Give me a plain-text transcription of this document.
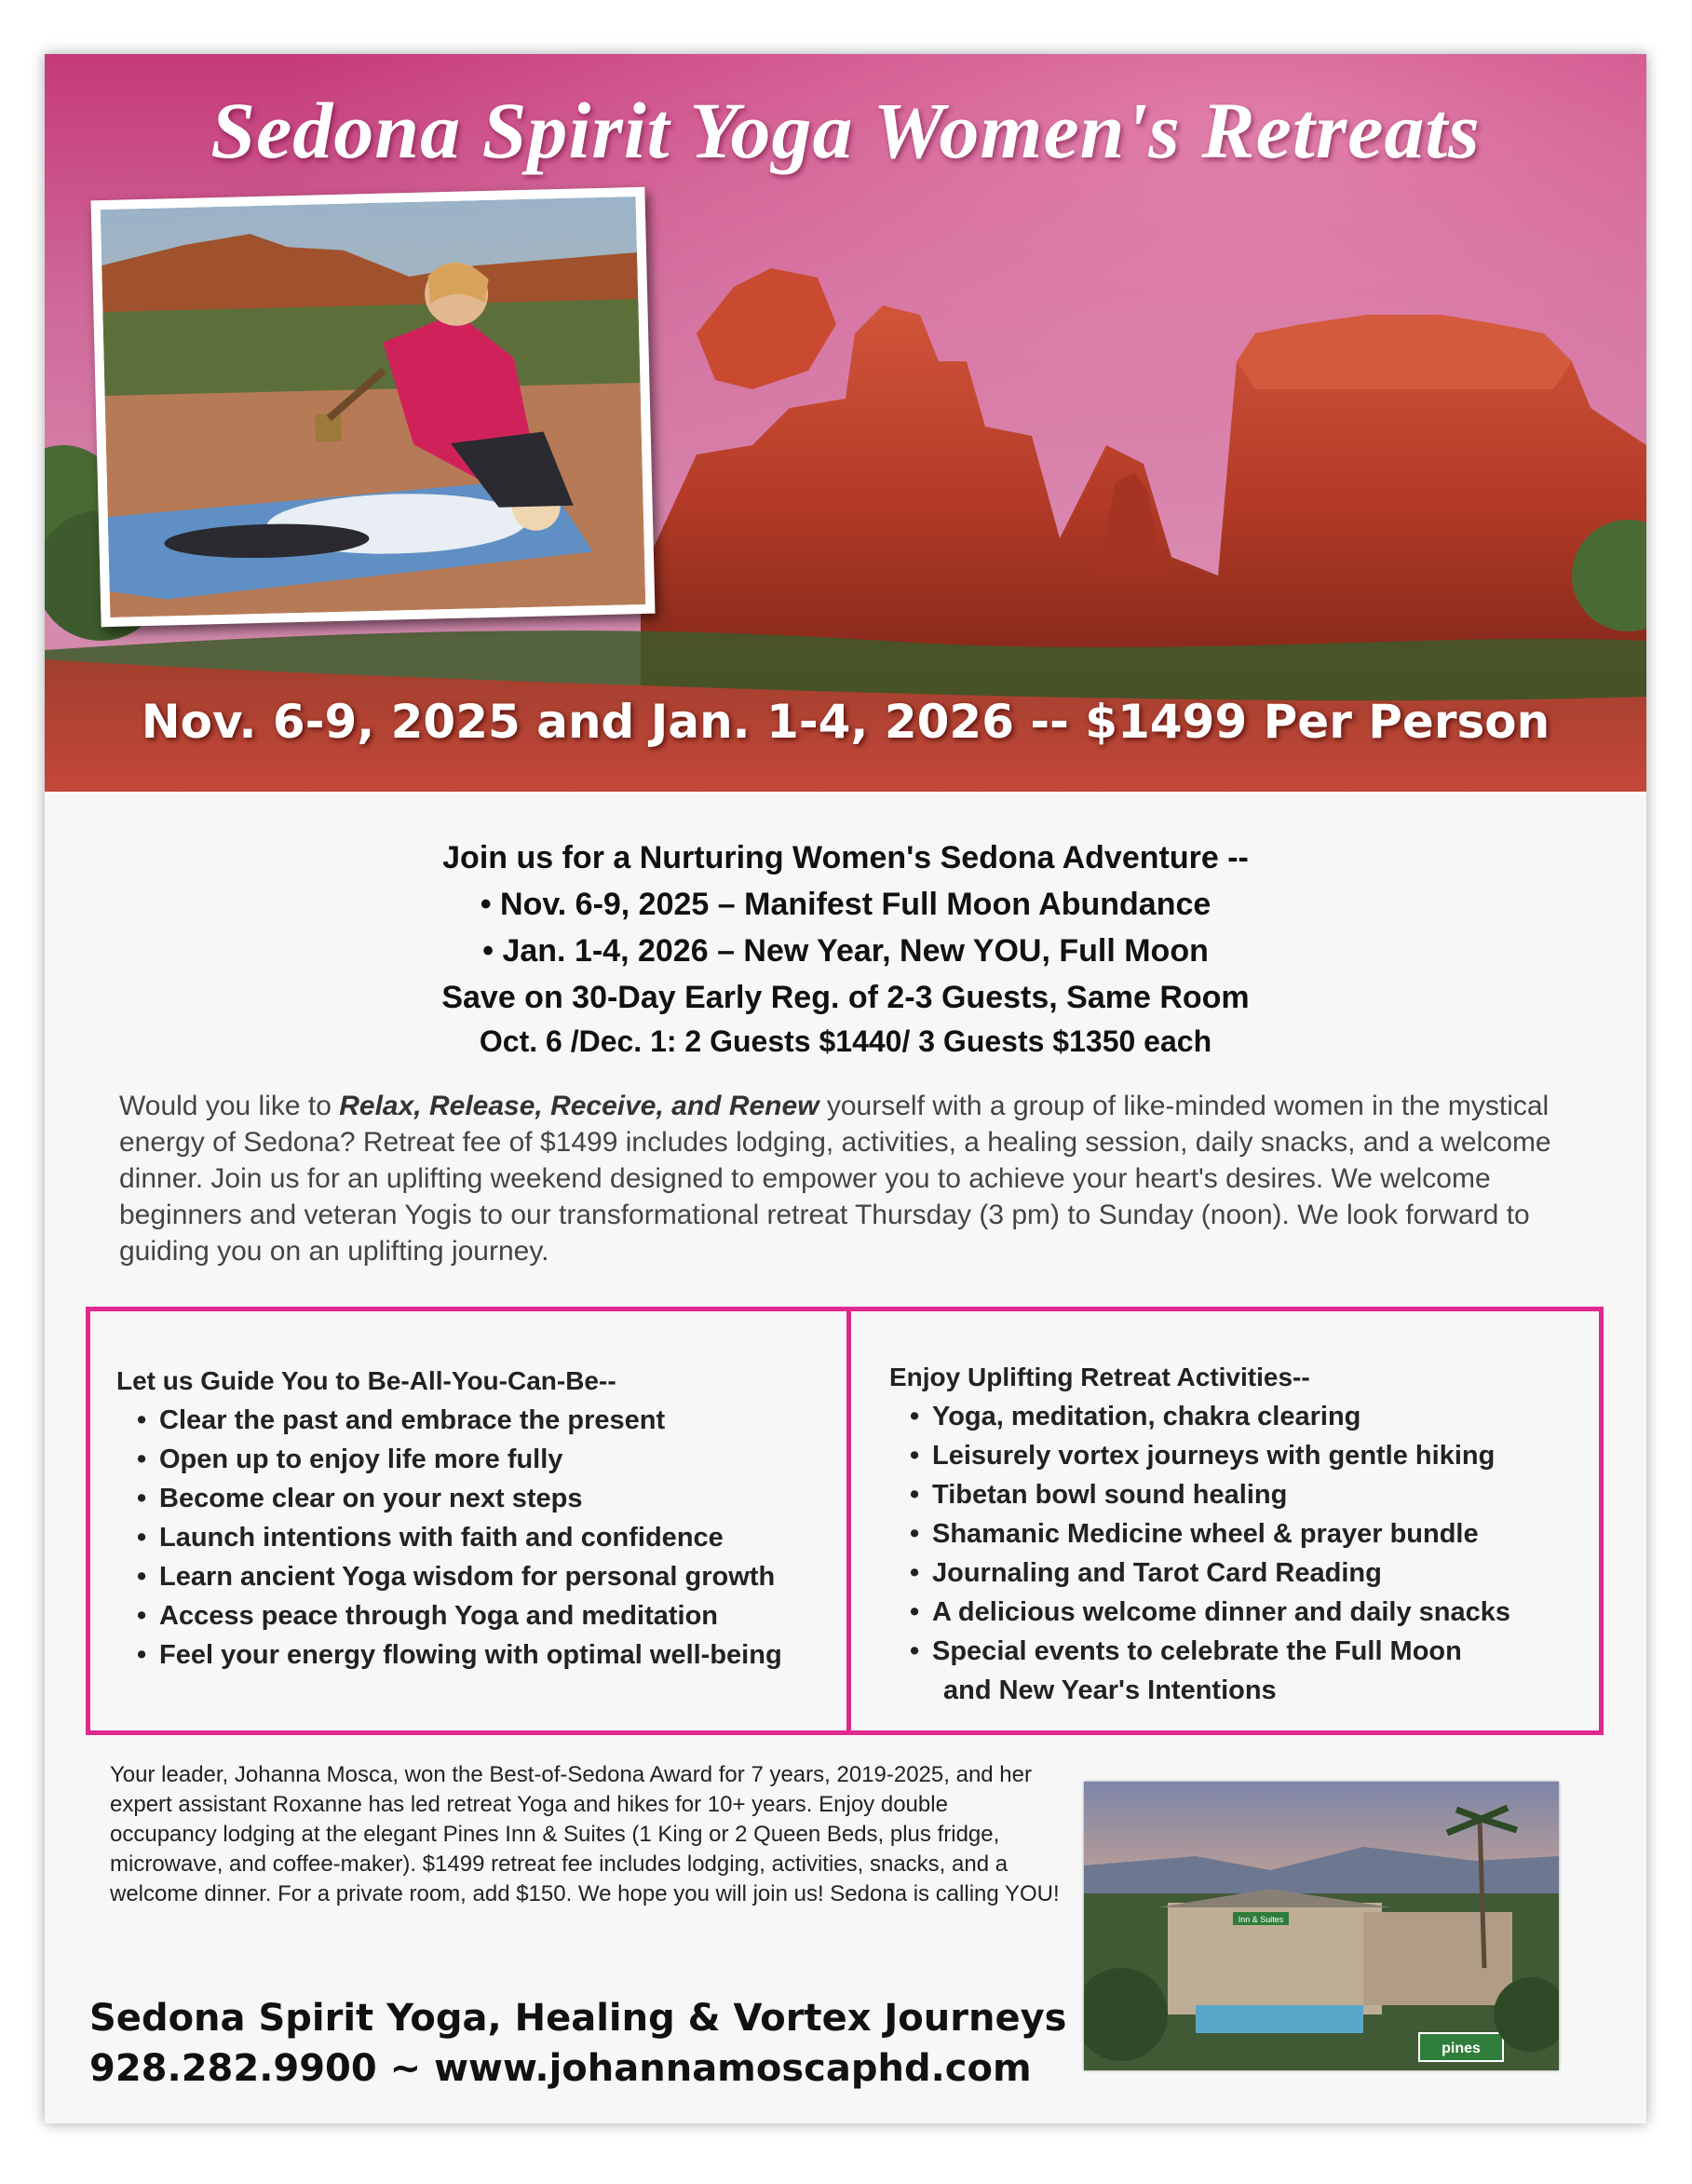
Sedona Spirit Yoga Women's Retreats
Nov. 6-9, 2025 and Jan. 1-4, 2026 -- $1499 Per Person
Join us for a Nurturing Women's Sedona Adventure --
• Nov. 6-9, 2025 – Manifest Full Moon Abundance
• Jan. 1-4, 2026 – New Year, New YOU, Full Moon
Save on 30-Day Early Reg. of 2-3 Guests, Same Room
Oct. 6 /Dec. 1: 2 Guests $1440/ 3 Guests $1350 each
Would you like to Relax, Release, Receive, and Renew yourself with a group of like-minded women in the mystical energy of Sedona? Retreat fee of $1499 includes lodging, activities, a healing session, daily snacks, and a welcome dinner. Join us for an uplifting weekend designed to empower you to achieve your heart's desires. We welcome beginners and veteran Yogis to our transformational retreat Thursday (3 pm) to Sunday (noon). We look forward to guiding you on an uplifting journey.
Let us Guide You to Be-All-You-Can-Be--
• Clear the past and embrace the present
• Open up to enjoy life more fully
• Become clear on your next steps
• Launch intentions with faith and confidence
• Learn ancient Yoga wisdom for personal growth
• Access peace through Yoga and meditation
• Feel your energy flowing with optimal well-being
Enjoy Uplifting Retreat Activities--
• Yoga, meditation, chakra clearing
• Leisurely vortex journeys with gentle hiking
• Tibetan bowl sound healing
• Shamanic Medicine wheel & prayer bundle
• Journaling and Tarot Card Reading
• A delicious welcome dinner and daily snacks
• Special events to celebrate the Full Moon
and New Year's Intentions
Your leader, Johanna Mosca, won the Best-of-Sedona Award for 7 years, 2019-2025, and her expert assistant Roxanne has led retreat Yoga and hikes for 10+ years. Enjoy double occupancy lodging at the elegant Pines Inn & Suites (1 King or 2 Queen Beds, plus fridge, microwave, and coffee-maker). $1499 retreat fee includes lodging, activities, snacks, and a welcome dinner. For a private room, add $150. We hope you will join us! Sedona is calling YOU!
Inn & Suites
pines
Sedona Spirit Yoga, Healing & Vortex Journeys
928.282.9900 ~ www.johannamoscaphd.com
